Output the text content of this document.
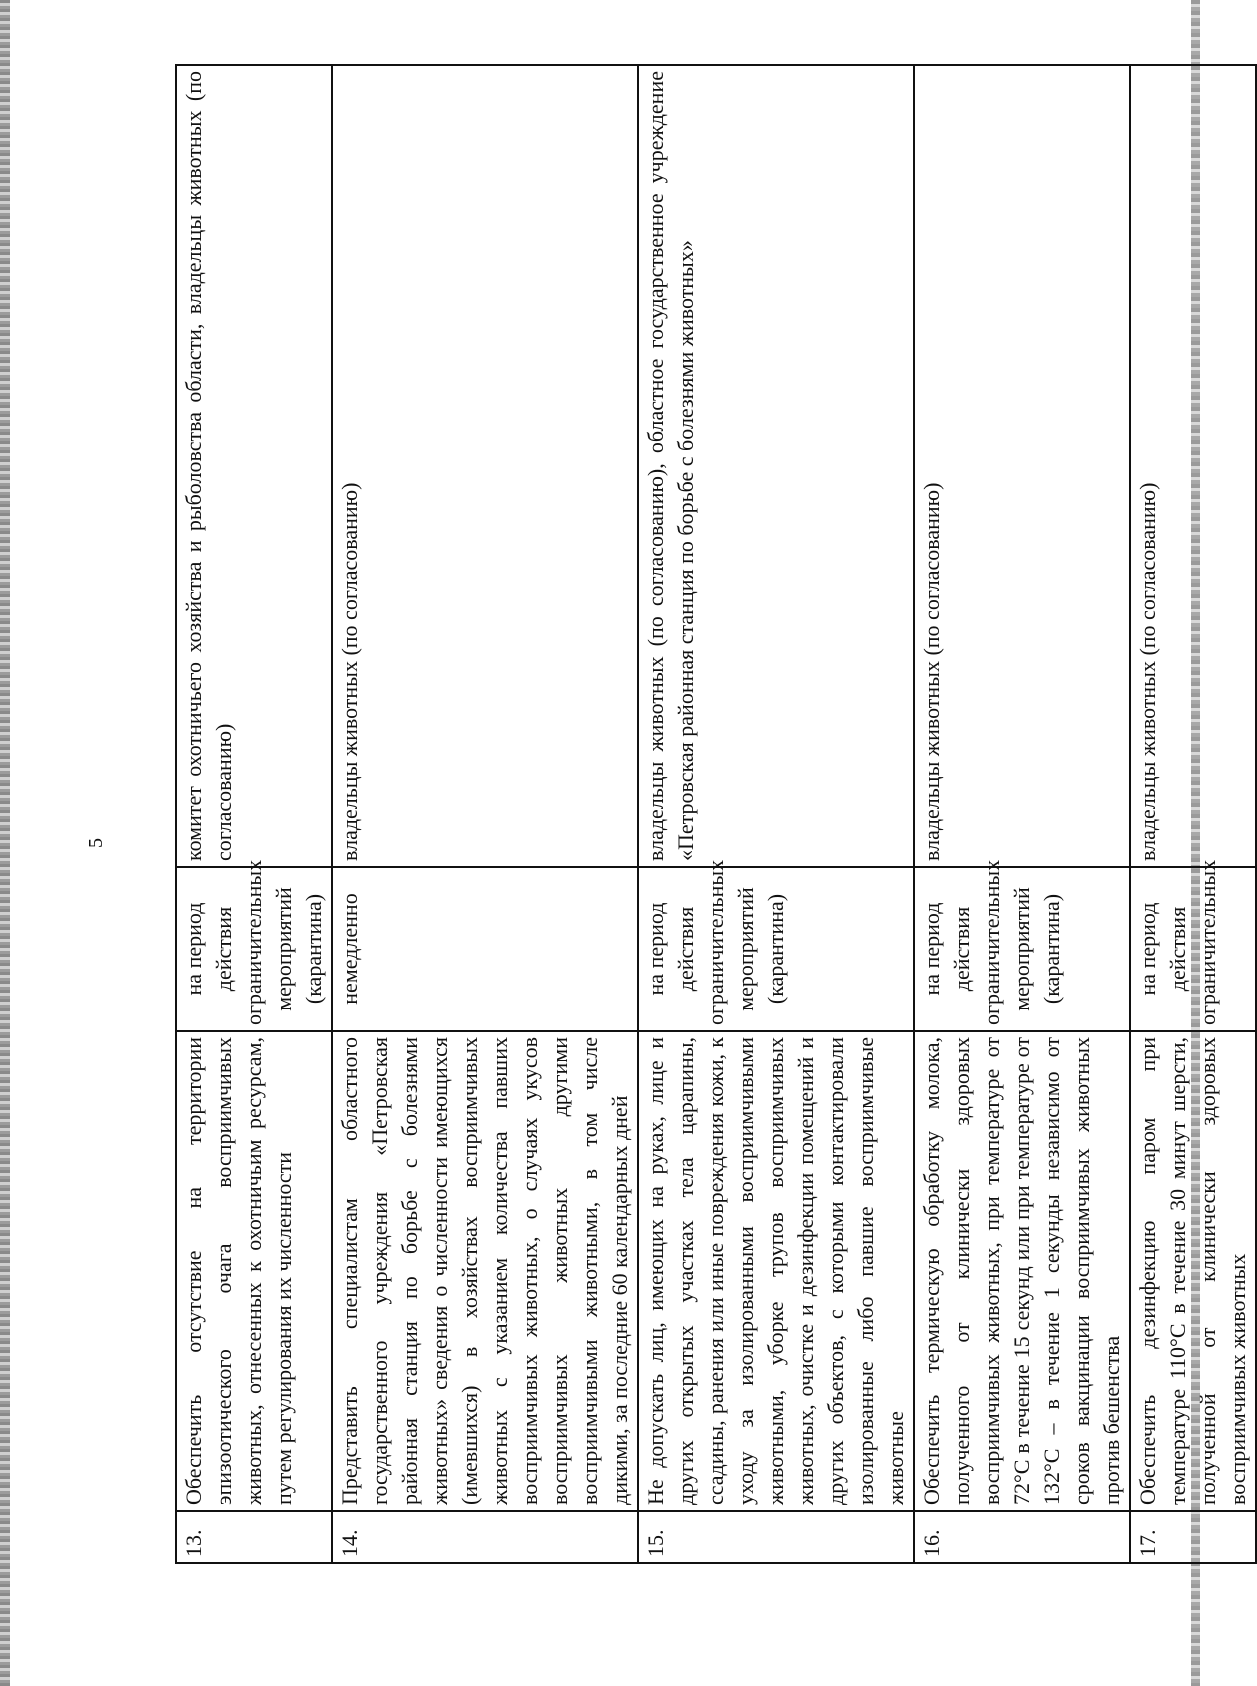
5
13.	Обеспечить отсутствие на территории эпизоотического очага восприимчивых животных, отнесенных к охотничьим ресурсам, путем регулирования их численности	на период действия ограничительных мероприятий (карантина)	комитет охотничьего хозяйства и рыболовства области, владельцы животных (по согласованию)
14.	Представить специалистам областного государственного учреждения «Петровская районная станция по борьбе с болезнями животных» сведения о численности имеющихся (имевшихся) в хозяйствах восприимчивых животных с указанием количества павших восприимчивых животных, о случаях укусов восприимчивых животных другими восприимчивыми животными, в том числе дикими, за последние 60 календарных дней	немедленно	владельцы животных (по согласованию)
15.	Не допускать лиц, имеющих на руках, лице и других открытых участках тела царапины, ссадины, ранения или иные повреждения кожи, к уходу за изолированными восприимчивыми животными, уборке трупов восприимчивых животных, очистке и дезинфекции помещений и других объектов, с которыми контактировали изолированные либо павшие восприимчивые животные	на период действия ограничительных мероприятий (карантина)	владельцы животных (по согласованию), областное государственное учреждение «Петровская районная станция по борьбе с болезнями животных»
16.	Обеспечить термическую обработку молока, полученного от клинически здоровых восприимчивых животных, при температуре от 72°С в течение 15 секунд или при температуре от 132°С – в течение 1 секунды независимо от сроков вакцинации восприимчивых животных против бешенства	на период действия ограничительных мероприятий (карантина)	владельцы животных (по согласованию)
17.	Обеспечить дезинфекцию паром при температуре 110°С в течение 30 минут шерсти, полученной от клинически здоровых восприимчивых животных	на период действия ограничительных	владельцы животных (по согласованию)
